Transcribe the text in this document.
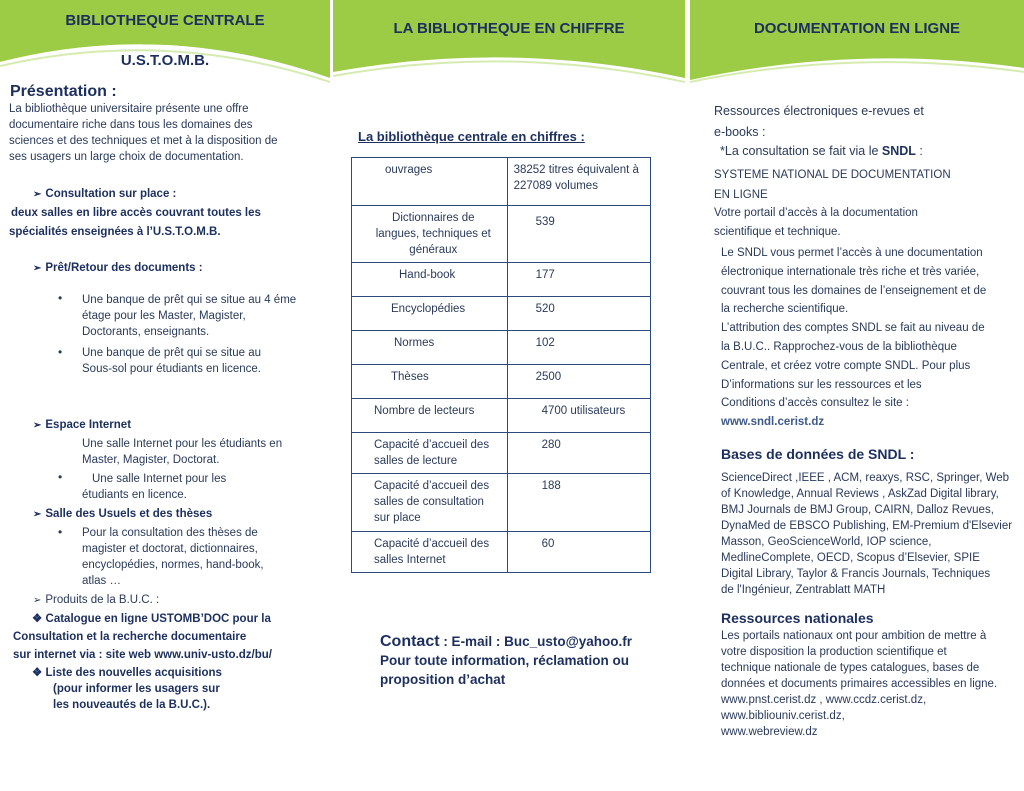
BIBLIOTHEQUE CENTRALE
U.S.T.O.M.B.
Présentation :
La bibliothèque universitaire présente une offre
documentaire riche dans tous les domaines des
sciences et des techniques et met à la disposition de
ses usagers un large choix de documentation.
➢ Consultation sur place :
deux salles en libre accès couvrant toutes les
spécialités enseignées à l’U.S.T.O.M.B.
➢ Prêt/Retour des documents :
• Une banque de prêt qui se situe au 4 éme
étage pour les Master, Magister,
Doctorants, enseignants.
• Une banque de prêt qui se situe au
Sous-sol pour étudiants en licence.
➢ Espace Internet
Une salle Internet pour les étudiants en
Master, Magister, Doctorat.
•	Une salle Internet pour les
étudiants en licence.
➢ Salle des Usuels et des thèses
• Pour la consultation des thèses de
magister et doctorat, dictionnaires,
encyclopédies, normes, hand-book,
atlas …
➢ Produits de la B.U.C. :
❖ Catalogue en ligne USTOMB’DOC pour la
Consultation et la recherche documentaire
sur internet via : site web www.univ-usto.dz/bu/
❖ Liste des nouvelles acquisitions
(pour informer les usagers sur
les nouveautés de la B.U.C.).
LA BIBLIOTHEQUE EN CHIFFRE
La bibliothèque centrale en chiffres :
ouvrages	38252 titres équivalent à
227089 volumes

Dictionnaires de
langues, techniques et
généraux	539

Hand-book	177

Encyclopédies	520

Normes	102

Thèses	2500

Nombre de lecteurs	4700 utilisateurs

Capacité d’accueil des
salles de lecture	280

Capacité d’accueil des
salles de consultation
sur place	188

Capacité d’accueil des
salles Internet	60
Contact : E-mail : Buc_usto@yahoo.fr
Pour toute information, réclamation ou
proposition d’achat
DOCUMENTATION EN LIGNE
Ressources électroniques e-revues et
e-books :
*La consultation se fait via le SNDL :
SYSTEME NATIONAL DE DOCUMENTATION
EN LIGNE
Votre portail d’accès à la documentation
scientifique et technique.
Le SNDL vous permet l’accès à une documentation
électronique internationale très riche et très variée,
couvrant tous les domaines de l’enseignement et de
la recherche scientifique.
L’attribution des comptes SNDL se fait au niveau de
la B.U.C.. Rapprochez-vous de la bibliothèque
Centrale, et créez votre compte SNDL. Pour plus
D’informations sur les ressources et les
Conditions d’accès consultez le site :
www.sndl.cerist.dz
Bases de données de SNDL :
ScienceDirect ,IEEE , ACM, reaxys, RSC, Springer, Web
of Knowledge, Annual Reviews , AskZad Digital library,
BMJ Journals de BMJ Group, CAIRN, Dalloz Revues,
DynaMed de EBSCO Publishing, EM-Premium d'Elsevier
Masson, GeoScienceWorld, IOP science,
MedlineComplete, OECD, Scopus d’Elsevier, SPIE
Digital Library, Taylor & Francis Journals, Techniques
de l'Ingénieur, Zentrablatt MATH
Ressources nationales
Les portails nationaux ont pour ambition de mettre à
votre disposition la production scientifique et
technique nationale de types catalogues, bases de
données et documents primaires accessibles en ligne.
www.pnst.cerist.dz , www.ccdz.cerist.dz,
www.bibliouniv.cerist.dz,
www.webreview.dz
